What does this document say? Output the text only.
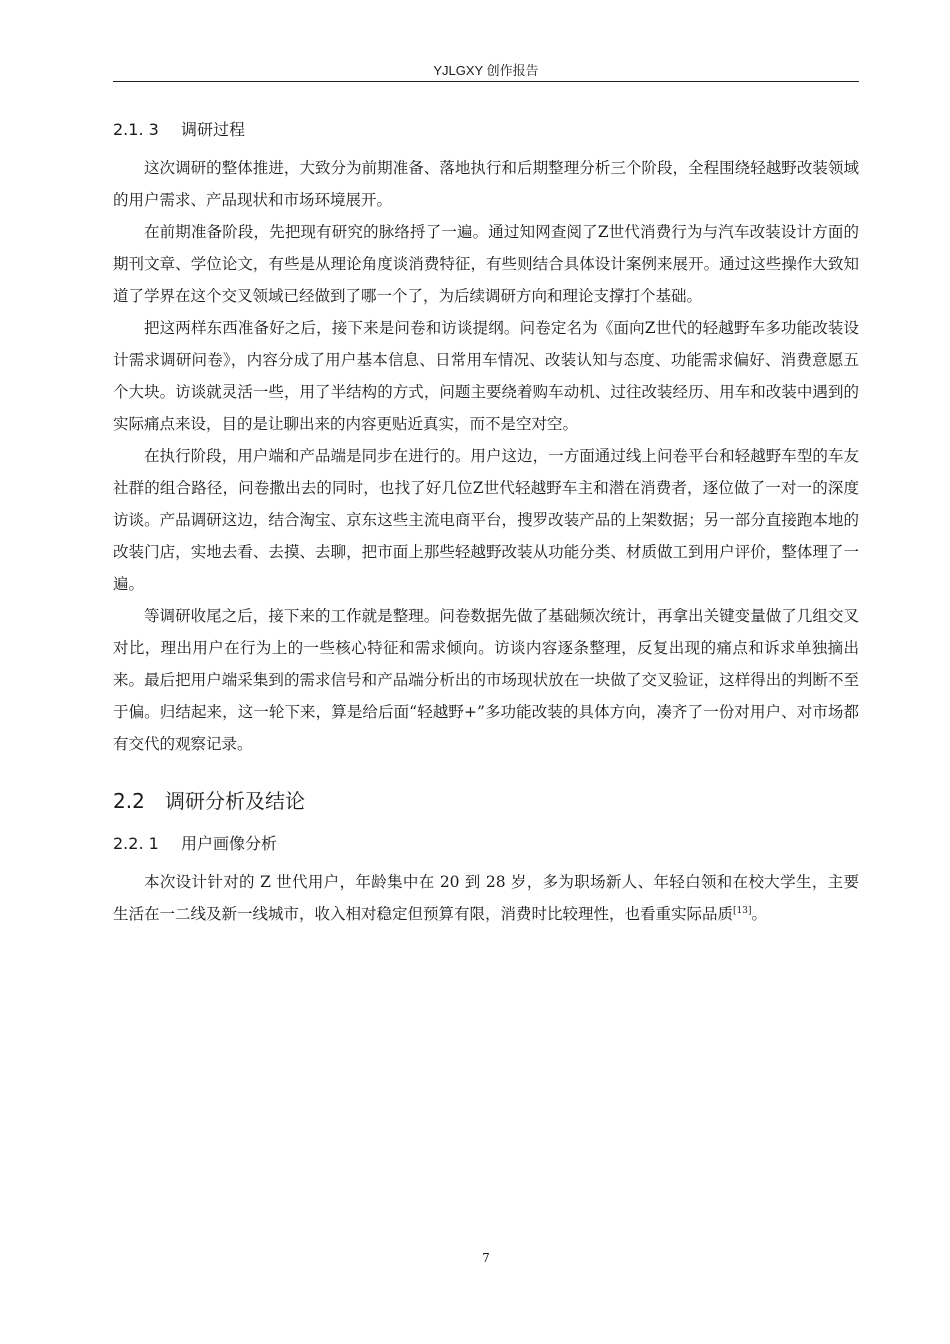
YJLGXY 创作报告
2.1. 3 调研过程

这次调研的整体推进，大致分为前期准备、落地执行和后期整理分析三个阶段，全程围绕轻越野改装领域的用户需求、产品现状和市场环境展开。

在前期准备阶段，先把现有研究的脉络捋了一遍。通过知网查阅了Z世代消费行为与汽车改装设计方面的期刊文章、学位论文，有些是从理论角度谈消费特征，有些则结合具体设计案例来展开。通过这些操作大致知道了学界在这个交叉领域已经做到了哪一个了，为后续调研方向和理论支撑打个基础。

把这两样东西准备好之后，接下来是问卷和访谈提纲。问卷定名为《面向Z世代的轻越野车多功能改装设计需求调研问卷》，内容分成了用户基本信息、日常用车情况、改装认知与态度、功能需求偏好、消费意愿五个大块。访谈就灵活一些，用了半结构的方式，问题主要绕着购车动机、过往改装经历、用车和改装中遇到的实际痛点来设，目的是让聊出来的内容更贴近真实，而不是空对空。

在执行阶段，用户端和产品端是同步在进行的。用户这边，一方面通过线上问卷平台和轻越野车型的车友社群的组合路径，问卷撒出去的同时，也找了好几位Z世代轻越野车主和潜在消费者，逐位做了一对一的深度访谈。产品调研这边，结合淘宝、京东这些主流电商平台，搜罗改装产品的上架数据；另一部分直接跑本地的改装门店，实地去看、去摸、去聊，把市面上那些轻越野改装从功能分类、材质做工到用户评价，整体理了一遍。

等调研收尾之后，接下来的工作就是整理。问卷数据先做了基础频次统计，再拿出关键变量做了几组交叉对比，理出用户在行为上的一些核心特征和需求倾向。访谈内容逐条整理，反复出现的痛点和诉求单独摘出来。最后把用户端采集到的需求信号和产品端分析出的市场现状放在一块做了交叉验证，这样得出的判断不至于偏。归结起来，这一轮下来，算是给后面“轻越野+”多功能改装的具体方向，凑齐了一份对用户、对市场都有交代的观察记录。

2.2 调研分析及结论
2.2. 1 用户画像分析

本次设计针对的 Z 世代用户，年龄集中在 20 到 28 岁，多为职场新人、年轻白领和在校大学生，主要生活在一二线及新一线城市，收入相对稳定但预算有限，消费时比较理性，也看重实际品质[13]。

7
